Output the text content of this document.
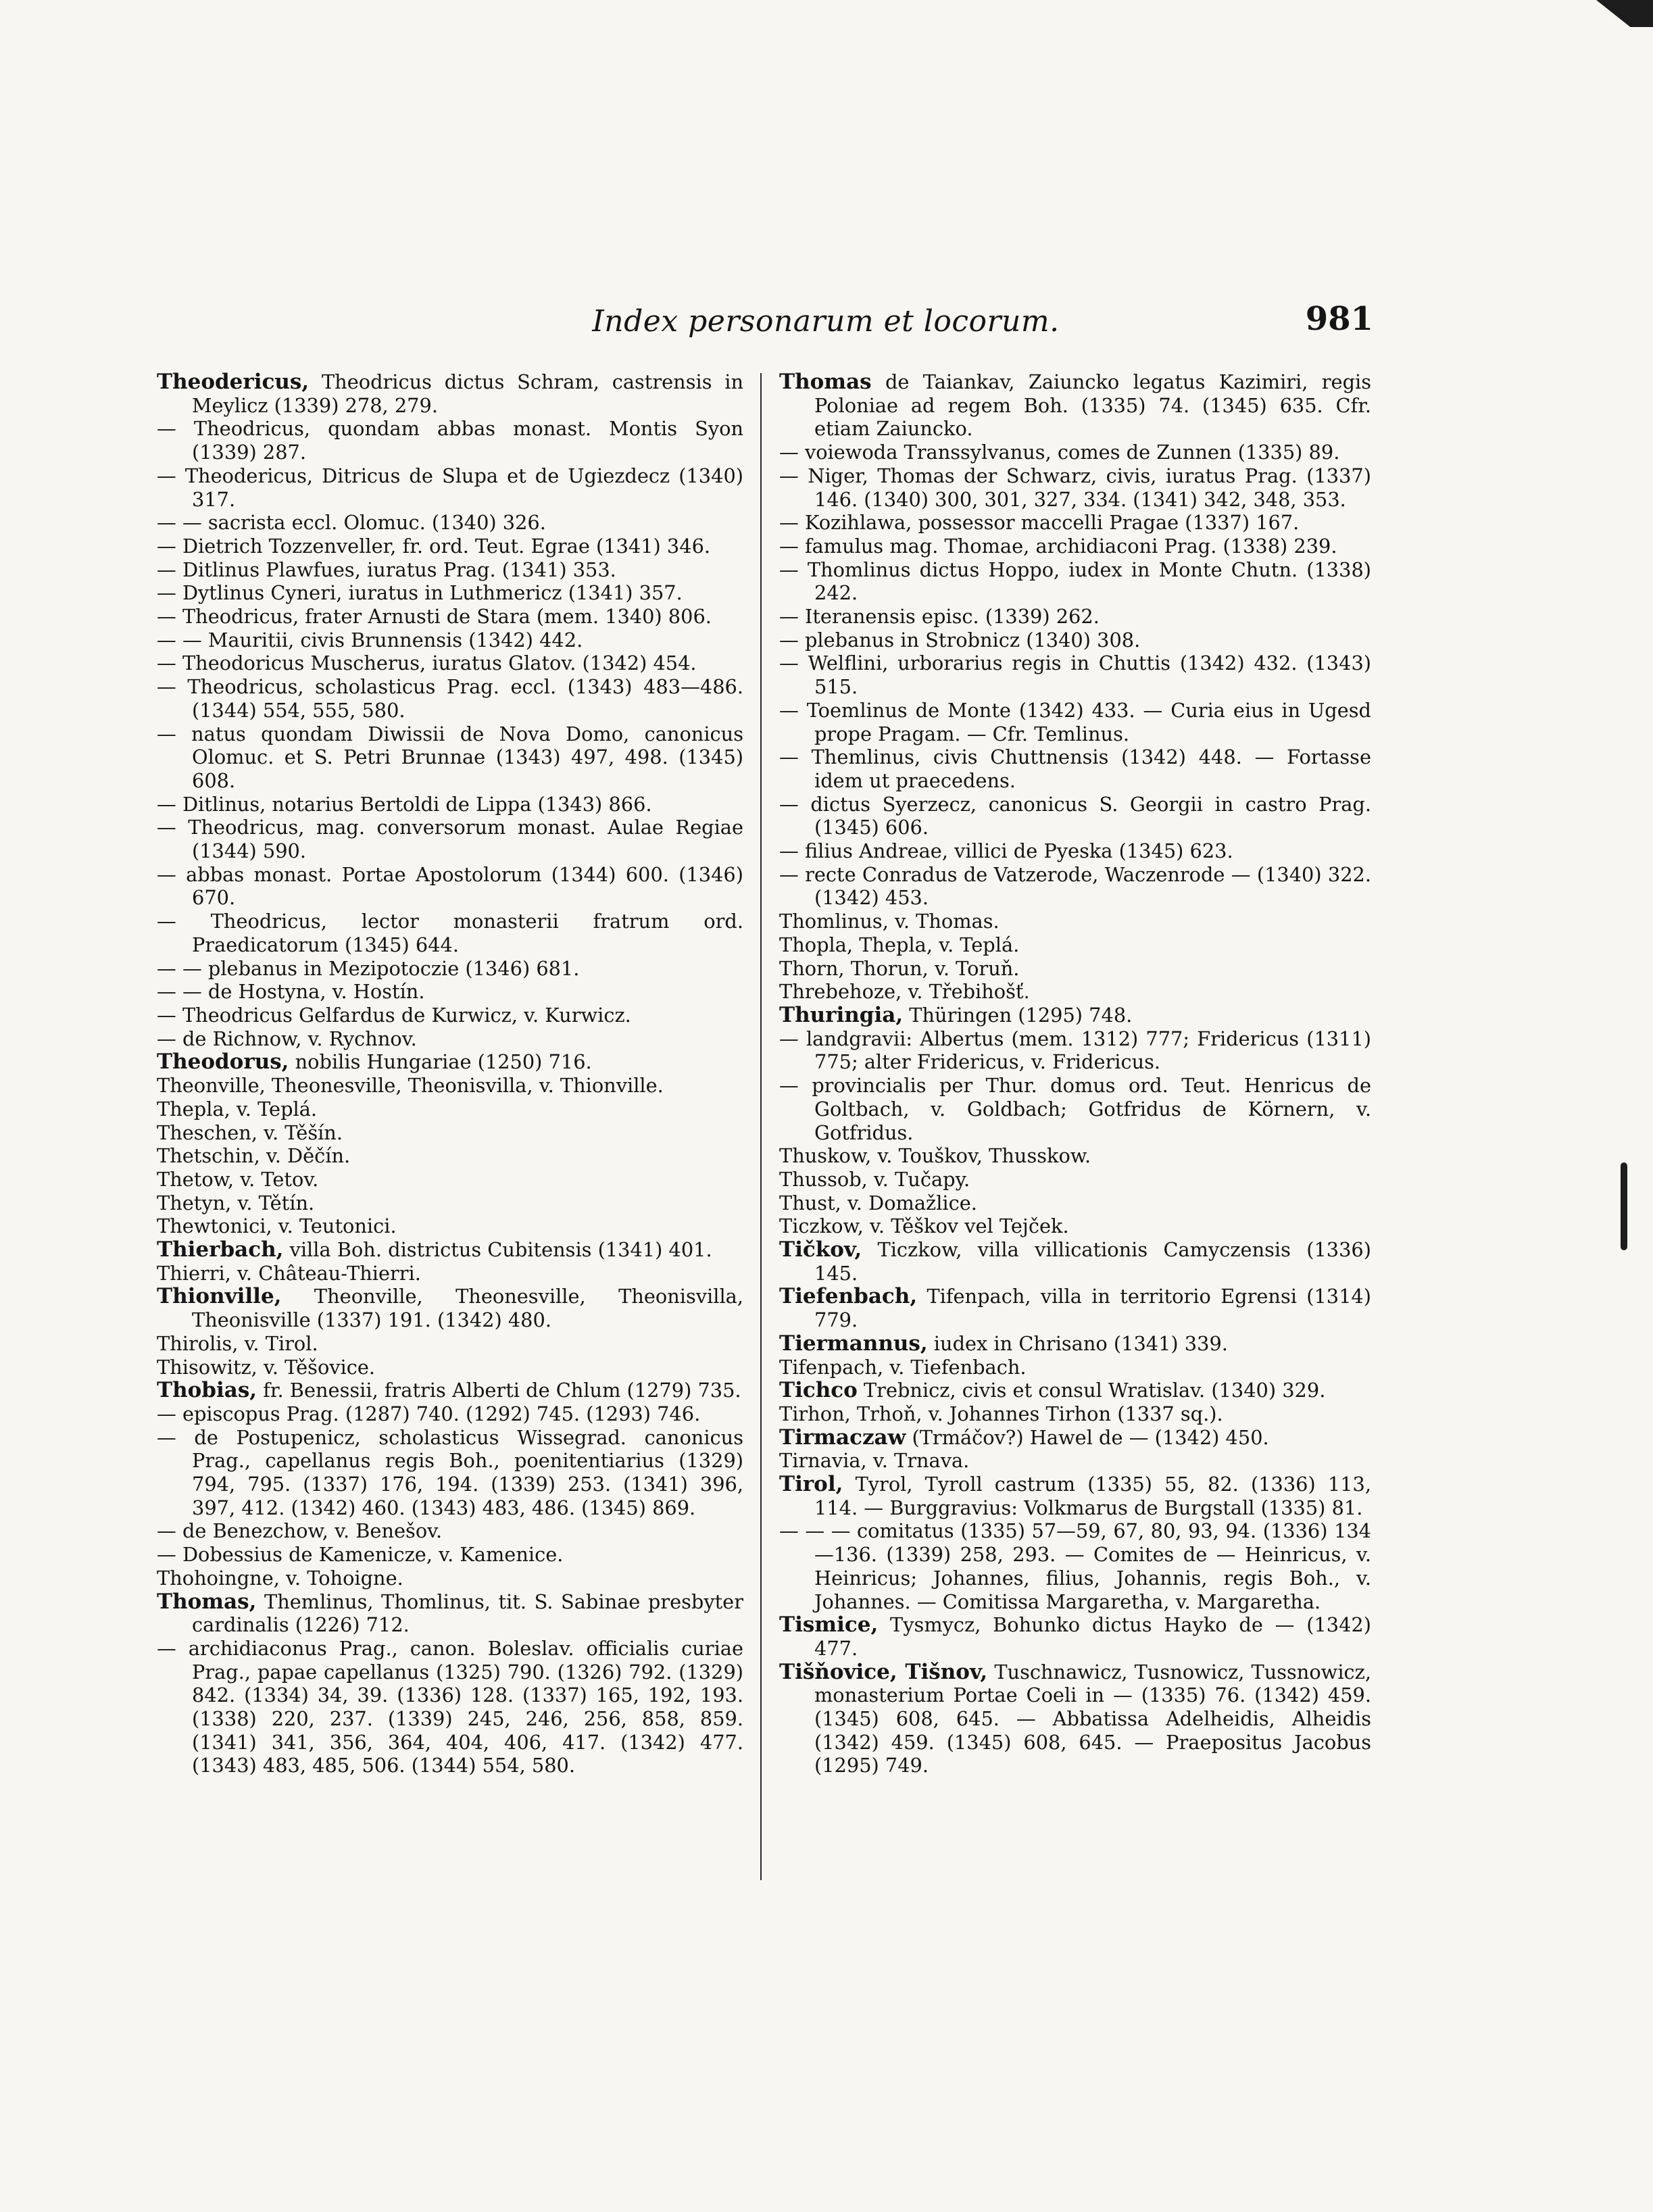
Index personarum et locorum.	981

Theodericus, Theodricus dictus Schram, castrensis in Meylicz (1339) 278, 279.

— Theodricus, quondam abbas monast. Montis Syon (1339) 287.

— Theodericus, Ditricus de Slupa et de Ugiezdecz (1340) 317.

— — sacrista eccl. Olomuc. (1340) 326.

— Dietrich Tozzenveller, fr. ord. Teut. Egrae (1341) 346.

— Ditlinus Plawfues, iuratus Prag. (1341) 353.

— Dytlinus Cyneri, iuratus in Luthmericz (1341) 357.

— Theodricus, frater Arnusti de Stara (mem. 1340) 806.

— — Mauritii, civis Brunnensis (1342) 442.

— Theodoricus Muscherus, iuratus Glatov. (1342) 454.

— Theodricus, scholasticus Prag. eccl. (1343) 483—486. (1344) 554, 555, 580.

— natus quondam Diwissii de Nova Domo, canonicus Olomuc. et S. Petri Brunnae (1343) 497, 498. (1345) 608.

— Ditlinus, notarius Bertoldi de Lippa (1343) 866.

— Theodricus, mag. conversorum monast. Aulae Regiae (1344) 590.

— abbas monast. Portae Apostolorum (1344) 600. (1346) 670.

— Theodricus, lector monasterii fratrum ord. Praedicatorum (1345) 644.

— — plebanus in Mezipotoczie (1346) 681.

— — de Hostyna, v. Hostín.

— Theodricus Gelfardus de Kurwicz, v. Kurwicz.

— de Richnow, v. Rychnov.

Theodorus, nobilis Hungariae (1250) 716.

Theonville, Theonesville, Theonisvilla, v. Thionville.

Thepla, v. Teplá.

Theschen, v. Těšín.

Thetschin, v. Děčín.

Thetow, v. Tetov.

Thetyn, v. Tětín.

Thewtonici, v. Teutonici.

Thierbach, villa Boh. districtus Cubitensis (1341) 401.

Thierri, v. Château-Thierri.

Thionville, Theonville, Theonesville, Theonisvilla, Theonisville (1337) 191. (1342) 480.

Thirolis, v. Tirol.

Thisowitz, v. Těšovice.

Thobias, fr. Benessii, fratris Alberti de Chlum (1279) 735.

— episcopus Prag. (1287) 740. (1292) 745. (1293) 746.

— de Postupenicz, scholasticus Wissegrad. canonicus Prag., capellanus regis Boh., poenitentiarius (1329) 794, 795. (1337) 176, 194. (1339) 253. (1341) 396, 397, 412. (1342) 460. (1343) 483, 486. (1345) 869.

— de Benezchow, v. Benešov.

— Dobessius de Kamenicze, v. Kamenice.

Thohoingne, v. Tohoigne.

Thomas, Themlinus, Thomlinus, tit. S. Sabinae presbyter cardinalis (1226) 712.

— archidiaconus Prag., canon. Boleslav. officialis curiae Prag., papae capellanus (1325) 790. (1326) 792. (1329) 842. (1334) 34, 39. (1336) 128. (1337) 165, 192, 193. (1338) 220, 237. (1339) 245, 246, 256, 858, 859. (1341) 341, 356, 364, 404, 406, 417. (1342) 477. (1343) 483, 485, 506. (1344) 554, 580.

Thomas de Taiankav, Zaiuncko legatus Kazimiri, regis Poloniae ad regem Boh. (1335) 74. (1345) 635. Cfr. etiam Zaiuncko.

— voiewoda Transsylvanus, comes de Zunnen (1335) 89.

— Niger, Thomas der Schwarz, civis, iuratus Prag. (1337) 146. (1340) 300, 301, 327, 334. (1341) 342, 348, 353.

— Kozihlawa, possessor maccelli Pragae (1337) 167.

— famulus mag. Thomae, archidiaconi Prag. (1338) 239.

— Thomlinus dictus Hoppo, iudex in Monte Chutn. (1338) 242.

— Iteranensis episc. (1339) 262.

— plebanus in Strobnicz (1340) 308.

— Welflini, urborarius regis in Chuttis (1342) 432. (1343) 515.

— Toemlinus de Monte (1342) 433. — Curia eius in Ugesd prope Pragam. — Cfr. Temlinus.

— Themlinus, civis Chuttnensis (1342) 448. — Fortasse idem ut praecedens.

— dictus Syerzecz, canonicus S. Georgii in castro Prag. (1345) 606.

— filius Andreae, villici de Pyeska (1345) 623.

— recte Conradus de Vatzerode, Waczenrode — (1340) 322. (1342) 453.

Thomlinus, v. Thomas.

Thopla, Thepla, v. Teplá.

Thorn, Thorun, v. Toruň.

Threbehoze, v. Třebihošť.

Thuringia, Thüringen (1295) 748.

— landgravii: Albertus (mem. 1312) 777; Fridericus (1311) 775; alter Fridericus, v. Fridericus.

— provincialis per Thur. domus ord. Teut. Henricus de Goltbach, v. Goldbach; Gotfridus de Körnern, v. Gotfridus.

Thuskow, v. Touškov, Thusskow.

Thussob, v. Tučapy.

Thust, v. Domažlice.

Ticzkow, v. Těškov vel Tejček.

Tičkov, Ticzkow, villa villicationis Camyczensis (1336) 145.

Tiefenbach, Tifenpach, villa in territorio Egrensi (1314) 779.

Tiermannus, iudex in Chrisano (1341) 339.

Tifenpach, v. Tiefenbach.

Tichco Trebnicz, civis et consul Wratislav. (1340) 329.

Tirhon, Trhoň, v. Johannes Tirhon (1337 sq.).

Tirmaczaw (Trmáčov?) Hawel de — (1342) 450.

Tirnavia, v. Trnava.

Tirol, Tyrol, Tyroll castrum (1335) 55, 82. (1336) 113, 114. — Burggravius: Volkmarus de Burgstall (1335) 81.

— — — comitatus (1335) 57—59, 67, 80, 93, 94. (1336) 134—136. (1339) 258, 293. — Comites de — Heinricus, v. Heinricus; Johannes, filius, Johannis, regis Boh., v. Johannes. — Comitissa Margaretha, v. Margaretha.

Tismice, Tysmycz, Bohunko dictus Hayko de — (1342) 477.

Tišňovice, Tišnov, Tuschnawicz, Tusnowicz, Tussnowicz, monasterium Portae Coeli in — (1335) 76. (1342) 459. (1345) 608, 645. — Abbatissa Adelheidis, Alheidis (1342) 459. (1345) 608, 645. — Praepositus Jacobus (1295) 749.
